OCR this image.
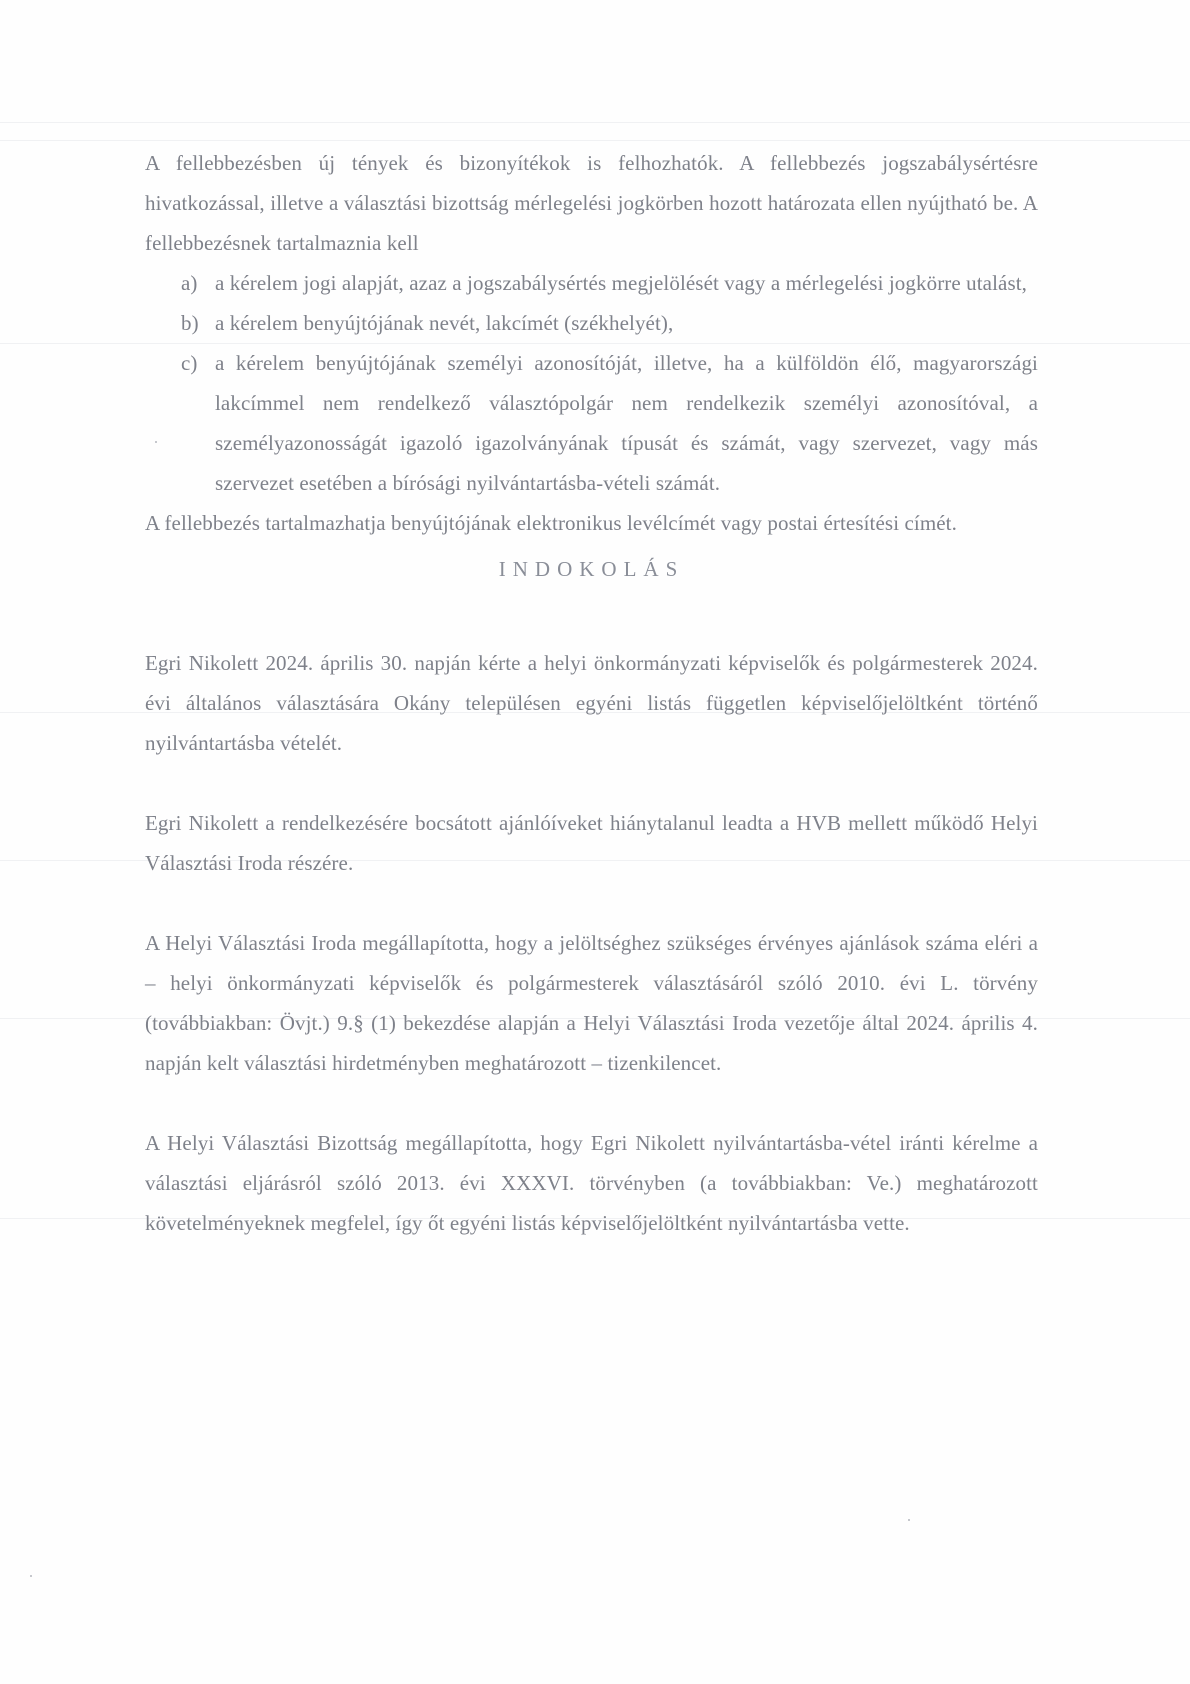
A fellebbezésben új tények és bizonyítékok is felhozhatók. A fellebbezés jogszabálysértésre hivatkozással, illetve a választási bizottság mérlegelési jogkörben hozott határozata ellen nyújtható be. A fellebbezésnek tartalmaznia kell

a) a kérelem jogi alapját, azaz a jogszabálysértés megjelölését vagy a mérlegelési jogkörre utalást,
b) a kérelem benyújtójának nevét, lakcímét (székhelyét),
c) a kérelem benyújtójának személyi azonosítóját, illetve, ha a külföldön élő, magyarországi lakcímmel nem rendelkező választópolgár nem rendelkezik személyi azonosítóval, a személyazonosságát igazoló igazolványának típusát és számát, vagy szervezet, vagy más szervezet esetében a bírósági nyilvántartásba-vételi számát.

A fellebbezés tartalmazhatja benyújtójának elektronikus levélcímét vagy postai értesítési címét.

INDOKOLÁS

Egri Nikolett 2024. április 30. napján kérte a helyi önkormányzati képviselők és polgármesterek 2024. évi általános választására Okány településen egyéni listás független képviselőjelöltként történő nyilvántartásba vételét.

Egri Nikolett a rendelkezésére bocsátott ajánlóíveket hiánytalanul leadta a HVB mellett működő Helyi Választási Iroda részére.

A Helyi Választási Iroda megállapította, hogy a jelöltséghez szükséges érvényes ajánlások száma eléri a – helyi önkormányzati képviselők és polgármesterek választásáról szóló 2010. évi L. törvény (továbbiakban: Övjt.) 9.§ (1) bekezdése alapján a Helyi Választási Iroda vezetője által 2024. április 4. napján kelt választási hirdetményben meghatározott – tizenkilencet.

A Helyi Választási Bizottság megállapította, hogy Egri Nikolett nyilvántartásba-vétel iránti kérelme a választási eljárásról szóló 2013. évi XXXVI. törvényben (a továbbiakban: Ve.) meghatározott követelményeknek megfelel, így őt egyéni listás képviselőjelöltként nyilvántartásba vette.
